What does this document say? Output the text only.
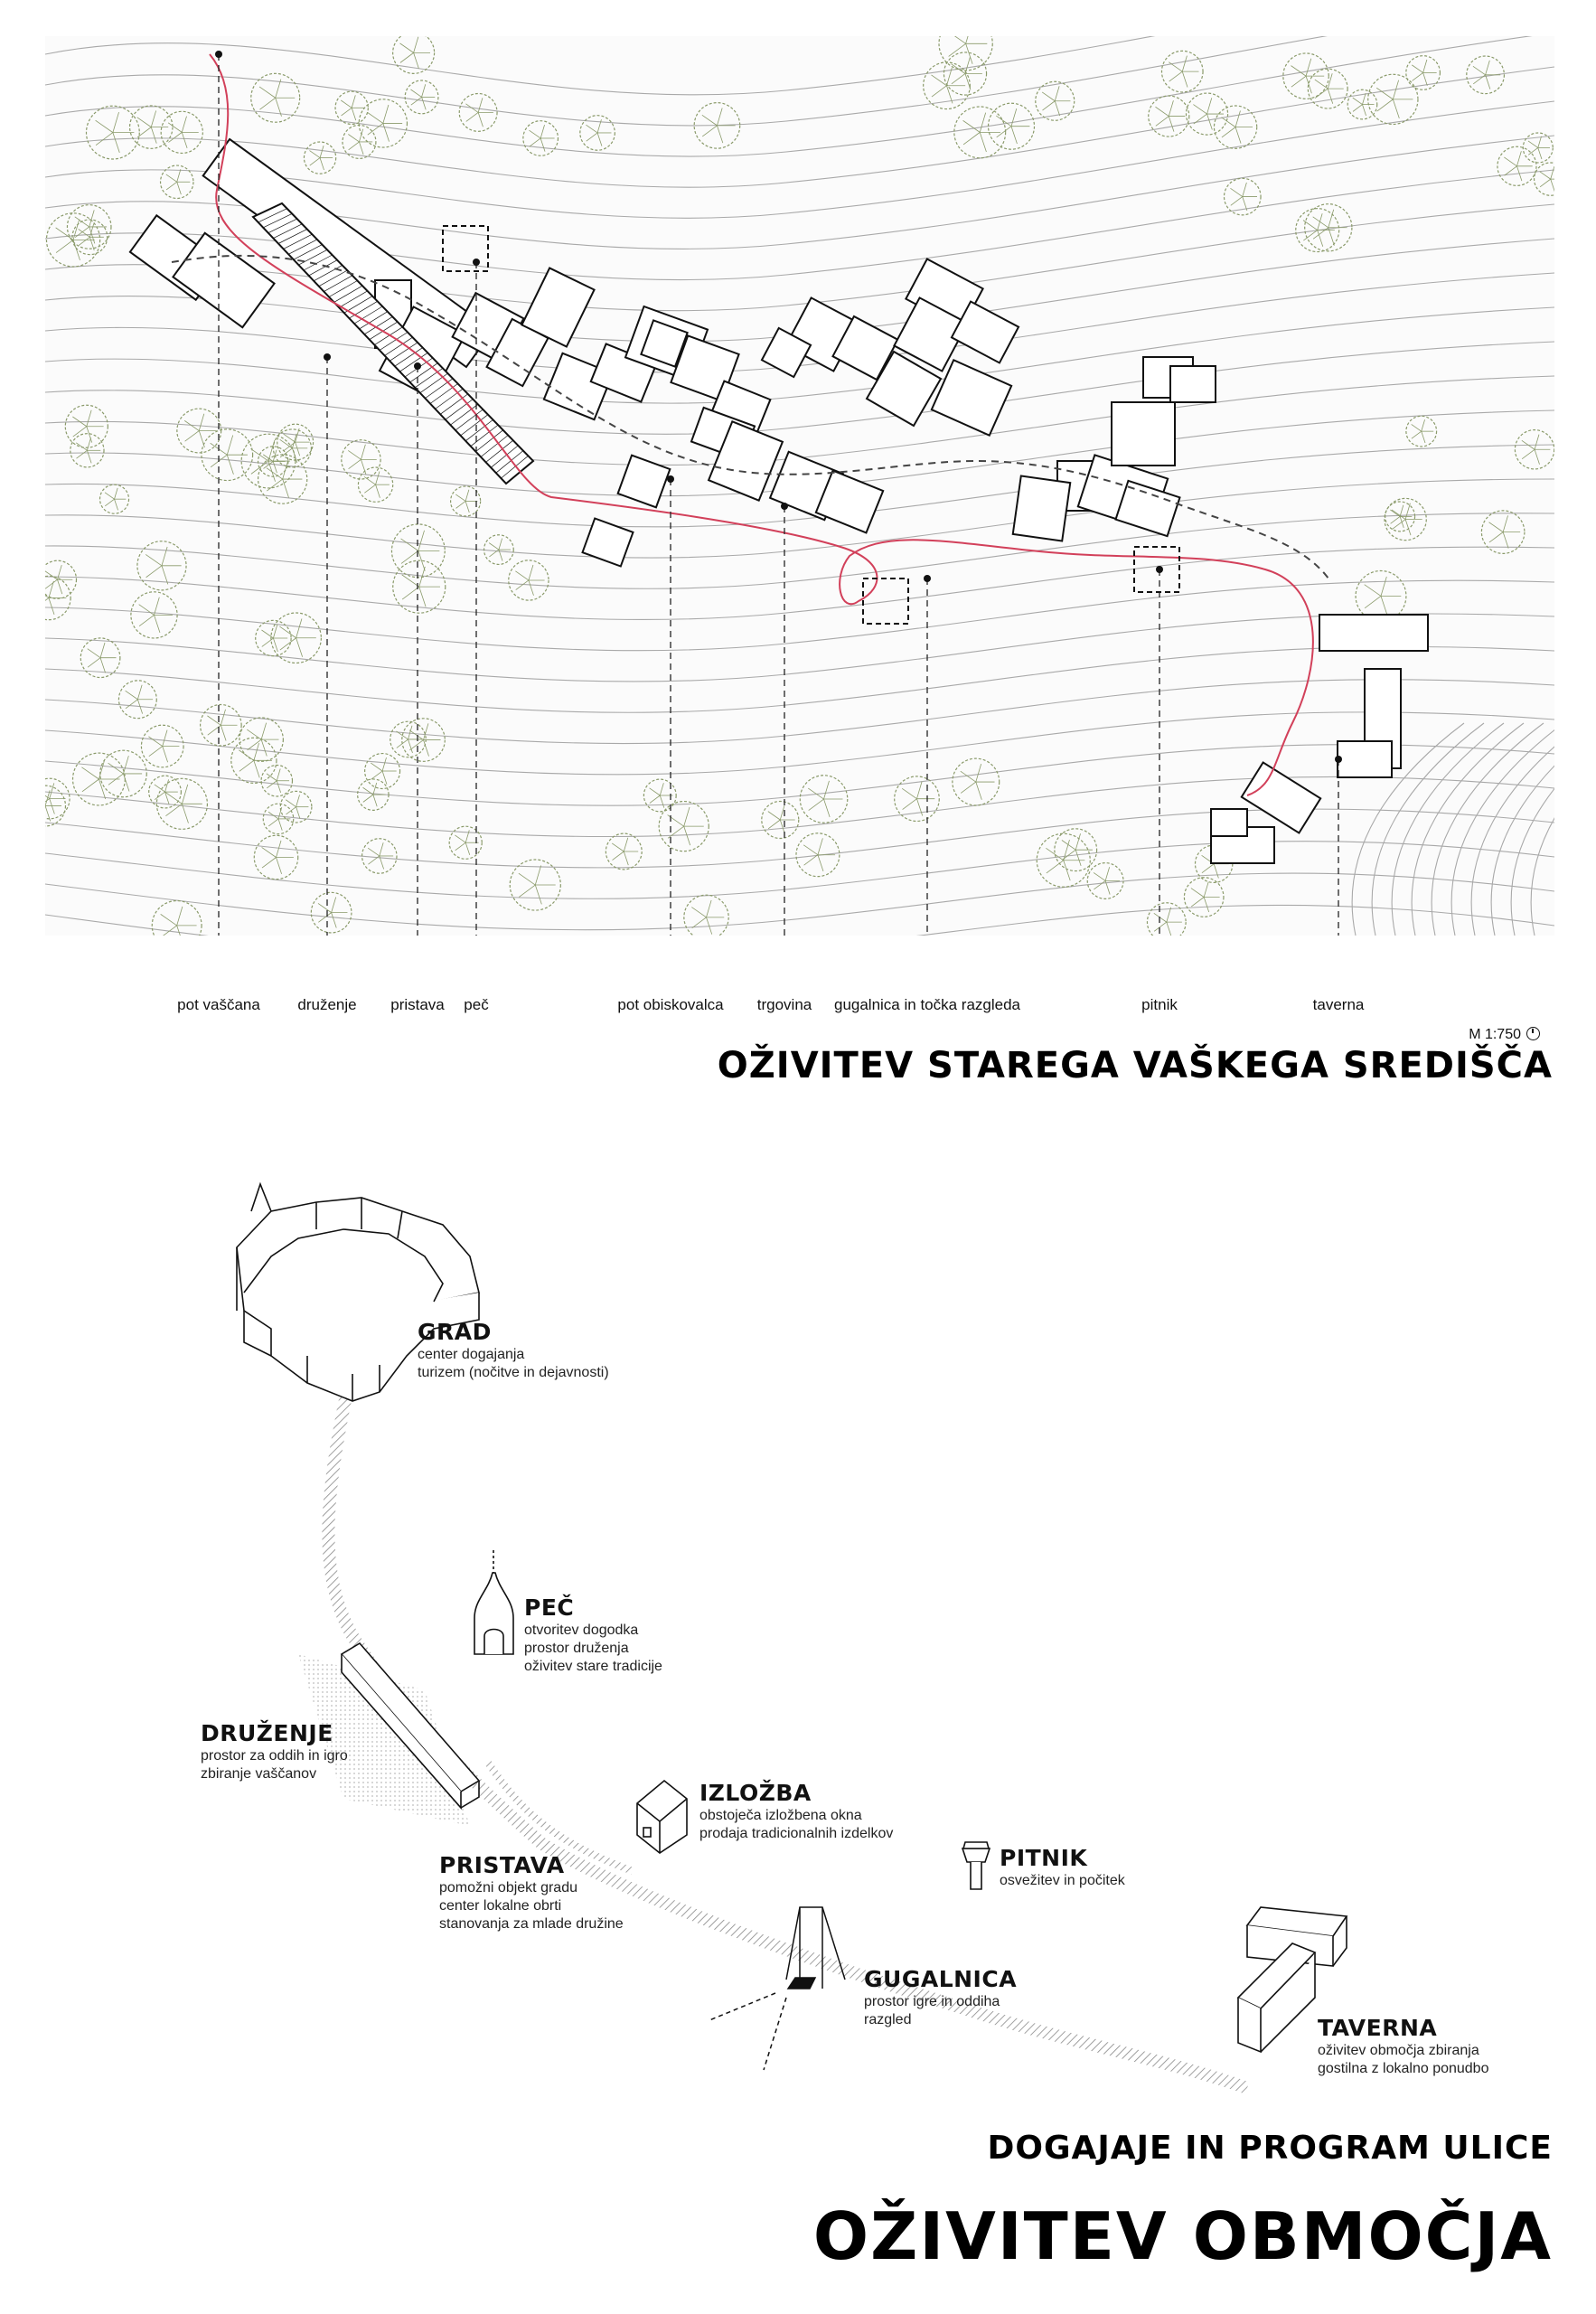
pot vaščana druženje pristava peč	pot obiskovalca trgovina gugalnica in točka razgleda	pitnik	taverna
M 1:750
OŽIVITEV STAREGA VAŠKEGA SREDIŠČA
GRAD
center dogajanja
turizem (nočitve in dejavnosti)
PEČ
otvoritev dogodka
prostor druženja
oživitev stare tradicije
DRUŽENJE
prostor za oddih in igro
zbiranje vaščanov
IZLOŽBA
obstoječa izložbena okna
prodaja tradicionalnih izdelkov
PITNIK
osvežitev in počitek
PRISTAVA
pomožni objekt gradu
center lokalne obrti
stanovanja za mlade družine
GUGALNICA
prostor igre in oddiha
razgled	TAVERNA
oživitev območja zbiranja
gostilna z lokalno ponudbo
DOGAJAJE IN PROGRAM ULICE
OŽIVITEV OBMOČJA
